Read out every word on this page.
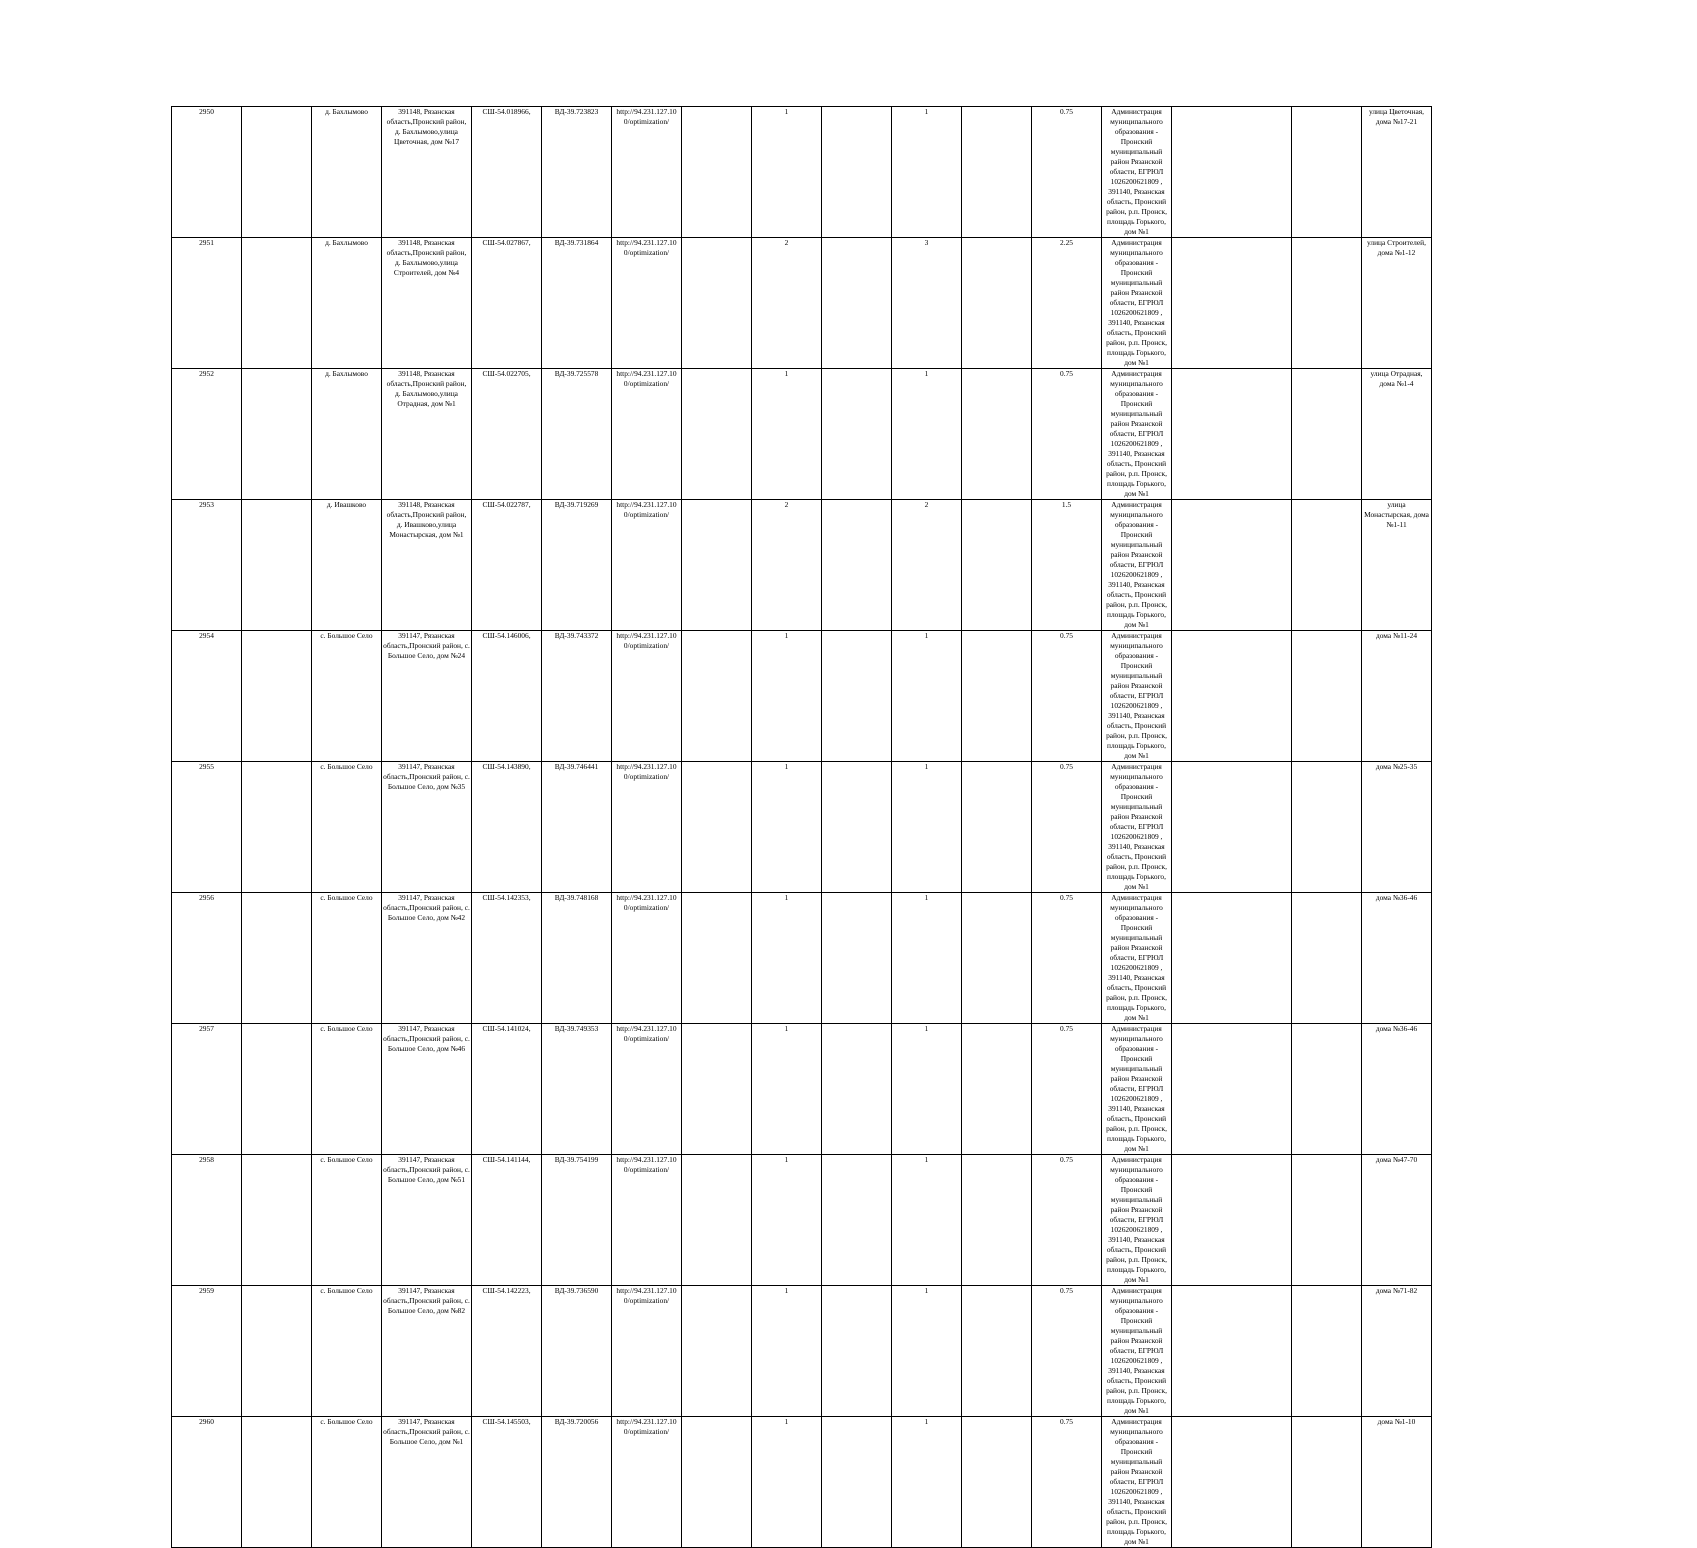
2950		д. Бахлымово	391148, Рязанская область,Пронский район, д. Бахлымово,улица Цветочная, дом №17	СШ-54.018966,	ВД-39.723823	http://94.231.127.10 0/optimization/		1		1		0.75	Администрация муниципального образования - Пронский муниципальный район Рязанской области, ЕГРЮЛ 1026200621809 , 391140, Рязанская область, Пронский район, р.п. Пронск, площадь Горького, дом №1			улица Цветочная, дома №17-21
2951		д. Бахлымово	391148, Рязанская область,Пронский район, д. Бахлымово,улица Строителей, дом №4	СШ-54.027867,	ВД-39.731864	http://94.231.127.10 0/optimization/		2		3		2.25	Администрация муниципального образования - Пронский муниципальный район Рязанской области, ЕГРЮЛ 1026200621809 , 391140, Рязанская область, Пронский район, р.п. Пронск, площадь Горького, дом №1			улица Строителей, дома №1-12
2952		д. Бахлымово	391148, Рязанская область,Пронский район, д. Бахлымово,улица Отрадная, дом №1	СШ-54.022705,	ВД-39.725578	http://94.231.127.10 0/optimization/		1		1		0.75	Администрация муниципального образования - Пронский муниципальный район Рязанской области, ЕГРЮЛ 1026200621809 , 391140, Рязанская область, Пронский район, р.п. Пронск, площадь Горького, дом №1			улица Отрадная, дома №1-4
2953		д. Ивашково	391148, Рязанская область,Пронский район, д. Ивашково,улица Монастырская, дом №1	СШ-54.022787,	ВД-39.719269	http://94.231.127.10 0/optimization/		2		2		1.5	Администрация муниципального образования - Пронский муниципальный район Рязанской области, ЕГРЮЛ 1026200621809 , 391140, Рязанская область, Пронский район, р.п. Пронск, площадь Горького, дом №1			улица Монастырская, дома №1-11
2954		с. Большое Село	391147, Рязанская область,Пронский район, с. Большое Село, дом №24	СШ-54.146006,	ВД-39.743372	http://94.231.127.10 0/optimization/		1		1		0.75	Администрация муниципального образования - Пронский муниципальный район Рязанской области, ЕГРЮЛ 1026200621809 , 391140, Рязанская область, Пронский район, р.п. Пронск, площадь Горького, дом №1			дома №11-24
2955		с. Большое Село	391147, Рязанская область,Пронский район, с. Большое Село, дом №35	СШ-54.143890,	ВД-39.746441	http://94.231.127.10 0/optimization/		1		1		0.75	Администрация муниципального образования - Пронский муниципальный район Рязанской области, ЕГРЮЛ 1026200621809 , 391140, Рязанская область, Пронский район, р.п. Пронск, площадь Горького, дом №1			дома №25-35
2956		с. Большое Село	391147, Рязанская область,Пронский район, с. Большое Село, дом №42	СШ-54.142353,	ВД-39.748168	http://94.231.127.10 0/optimization/		1		1		0.75	Администрация муниципального образования - Пронский муниципальный район Рязанской области, ЕГРЮЛ 1026200621809 , 391140, Рязанская область, Пронский район, р.п. Пронск, площадь Горького, дом №1			дома №36-46
2957		с. Большое Село	391147, Рязанская область,Пронский район, с. Большое Село, дом №46	СШ-54.141024,	ВД-39.749353	http://94.231.127.10 0/optimization/		1		1		0.75	Администрация муниципального образования - Пронский муниципальный район Рязанской области, ЕГРЮЛ 1026200621809 , 391140, Рязанская область, Пронский район, р.п. Пронск, площадь Горького, дом №1			дома №36-46
2958		с. Большое Село	391147, Рязанская область,Пронский район, с. Большое Село, дом №51	СШ-54.141144,	ВД-39.754199	http://94.231.127.10 0/optimization/		1		1		0.75	Администрация муниципального образования - Пронский муниципальный район Рязанской области, ЕГРЮЛ 1026200621809 , 391140, Рязанская область, Пронский район, р.п. Пронск, площадь Горького, дом №1			дома №47-70
2959		с. Большое Село	391147, Рязанская область,Пронский район, с. Большое Село, дом №82	СШ-54.142223,	ВД-39.736590	http://94.231.127.10 0/optimization/		1		1		0.75	Администрация муниципального образования - Пронский муниципальный район Рязанской области, ЕГРЮЛ 1026200621809 , 391140, Рязанская область, Пронский район, р.п. Пронск, площадь Горького, дом №1			дома №71-82
2960		с. Большое Село	391147, Рязанская область,Пронский район, с. Большое Село, дом №1	СШ-54.145503,	ВД-39.720056	http://94.231.127.10 0/optimization/		1		1		0.75	Администрация муниципального образования - Пронский муниципальный район Рязанской области, ЕГРЮЛ 1026200621809 , 391140, Рязанская область, Пронский район, р.п. Пронск, площадь Горького, дом №1			дома №1-10
